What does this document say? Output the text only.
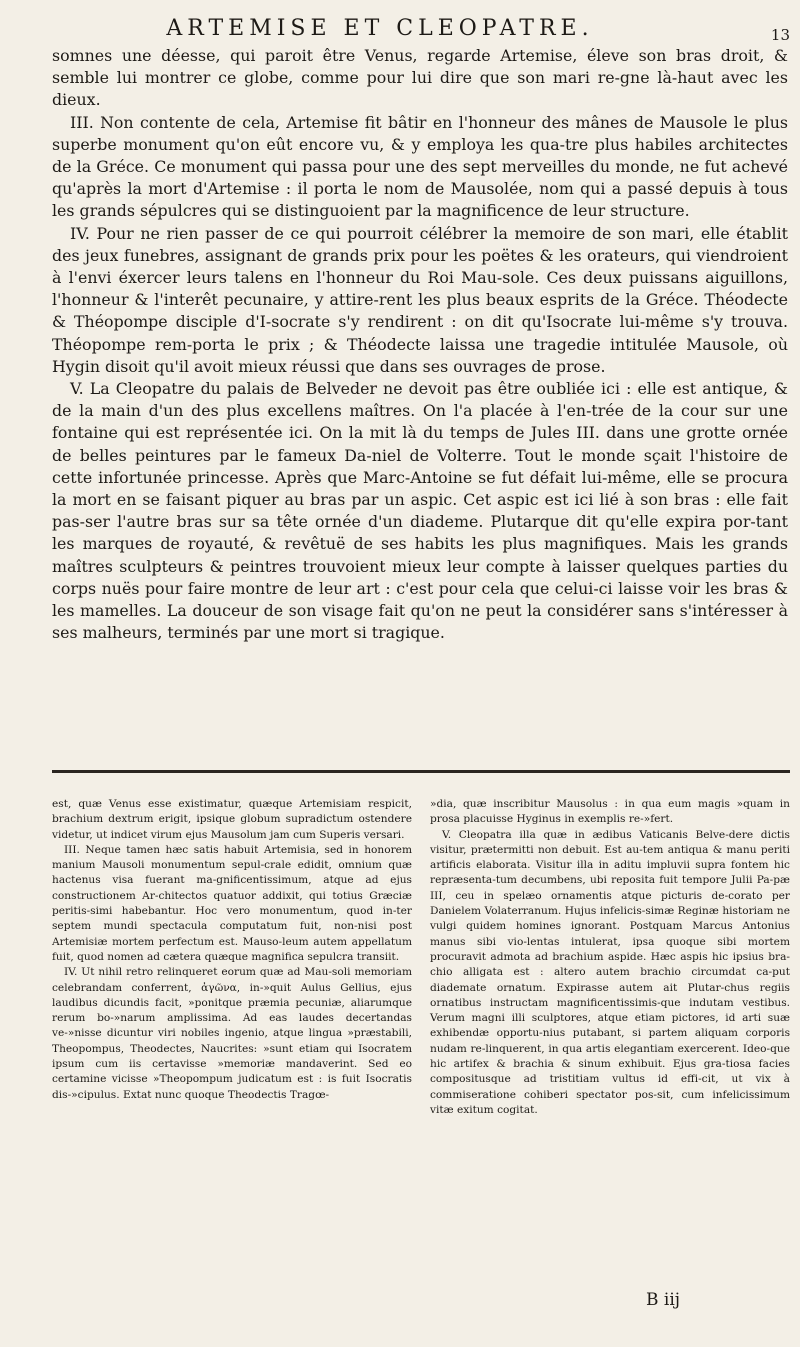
ARTEMISE ET CLEOPATRE.	13

somnes une déesse, qui paroit être Venus, regarde Artemise, éleve son bras droit, & semble lui montrer ce globe, comme pour lui dire que son mari re-gne là-haut avec les dieux.

III. Non contente de cela, Artemise fit bâtir en l'honneur des mânes de Mausole le plus superbe monument qu'on eût encore vu, & y employa les qua-tre plus habiles architectes de la Gréce. Ce monument qui passa pour une des sept merveilles du monde, ne fut achevé qu'après la mort d'Artemise : il porta le nom de Mausolée, nom qui a passé depuis à tous les grands sépulcres qui se distinguoient par la magnificence de leur structure.

IV. Pour ne rien passer de ce qui pourroit célébrer la memoire de son mari, elle établit des jeux funebres, assignant de grands prix pour les poëtes & les orateurs, qui viendroient à l'envi éxercer leurs talens en l'honneur du Roi Mau-sole. Ces deux puissans aiguillons, l'honneur & l'interêt pecunaire, y attire-rent les plus beaux esprits de la Gréce. Théodecte & Théopompe disciple d'I-socrate s'y rendirent : on dit qu'Isocrate lui-même s'y trouva. Théopompe rem-porta le prix ; & Théodecte laissa une tragedie intitulée Mausole, où Hygin disoit qu'il avoit mieux réussi que dans ses ouvrages de prose.

V. La Cleopatre du palais de Belveder ne devoit pas être oubliée ici : elle est antique, & de la main d'un des plus excellens maîtres. On l'a placée à l'en-trée de la cour sur une fontaine qui est représentée ici. On la mit là du temps de Jules III. dans une grotte ornée de belles peintures par le fameux Da-niel de Volterre. Tout le monde sçait l'histoire de cette infortunée princesse. Après que Marc-Antoine se fut défait lui-même, elle se procura la mort en se faisant piquer au bras par un aspic. Cet aspic est ici lié à son bras : elle fait pas-ser l'autre bras sur sa tête ornée d'un diademe. Plutarque dit qu'elle expira por-tant les marques de royauté, & revêtuë de ses habits les plus magnifiques. Mais les grands maîtres sculpteurs & peintres trouvoient mieux leur compte à laisser quelques parties du corps nuës pour faire montre de leur art : c'est pour cela que celui-ci laisse voir les bras & les mamelles. La douceur de son visage fait qu'on ne peut la considérer sans s'intéresser à ses malheurs, terminés par une mort si tragique.

est, quæ Venus esse existimatur, quæque Artemisiam respicit, brachium dextrum erigit, ipsique globum supradictum ostendere videtur, ut indicet virum ejus Mausolum jam cum Superis versari.

III. Neque tamen hæc satis habuit Artemisia, sed in honorem manium Mausoli monumentum sepul-crale edidit, omnium quæ hactenus visa fuerant ma-gnificentissimum, atque ad ejus constructionem Ar-chitectos quatuor addixit, qui totius Græciæ peritis-simi habebantur. Hoc vero monumentum, quod in-ter septem mundi spectacula computatum fuit, non-nisi post Artemisiæ mortem perfectum est. Mauso-leum autem appellatum fuit, quod nomen ad cætera quæque magnifica sepulcra transiit.

IV. Ut nihil retro relinqueret eorum quæ ad Mau-soli memoriam celebrandam conferrent, ἀγῶνα, in-»quit Aulus Gellius, ejus laudibus dicundis facit, »ponitque præmia pecuniæ, aliarumque rerum bo-»narum amplissima. Ad eas laudes decertandas ve-»nisse dicuntur viri nobiles ingenio, atque lingua »præstabili, Theopompus, Theodectes, Naucrites: »sunt etiam qui Isocratem ipsum cum iis certavisse »memoriæ mandaverint. Sed eo certamine vicisse »Theopompum judicatum est : is fuit Isocratis dis-»cipulus. Extat nunc quoque Theodectis Tragœ-

»dia, quæ inscribitur Mausolus : in qua eum magis »quam in prosa placuisse Hyginus in exemplis re-»fert.

V. Cleopatra illa quæ in ædibus Vaticanis Belve-dere dictis visitur, prætermitti non debuit. Est au-tem antiqua & manu periti artificis elaborata. Visitur illa in aditu impluvii supra fontem hic repræsenta-tum decumbens, ubi reposita fuit tempore Julii Pa-pæ III, ceu in spelæo ornamentis atque picturis de-corato per Danielem Volaterranum. Hujus infelicis-simæ Reginæ historiam ne vulgi quidem homines ignorant. Postquam Marcus Antonius manus sibi vio-lentas intulerat, ipsa quoque sibi mortem procuravit admota ad brachium aspide. Hæc aspis hic ipsius bra-chio alligata est : altero autem brachio circumdat ca-put diademate ornatum. Expirasse autem ait Plutar-chus regiis ornatibus instructam magnificentissimis-que indutam vestibus. Verum magni illi sculptores, atque etiam pictores, id arti suæ exhibendæ opportu-nius putabant, si partem aliquam corporis nudam re-linquerent, in qua artis elegantiam exercerent. Ideo-que hic artifex & brachia & sinum exhibuit. Ejus gra-tiosa facies compositusque ad tristitiam vultus id effi-cit, ut vix à commiseratione cohiberi spectator pos-sit, cum infelicissimum vitæ exitum cogitat.

B iij
